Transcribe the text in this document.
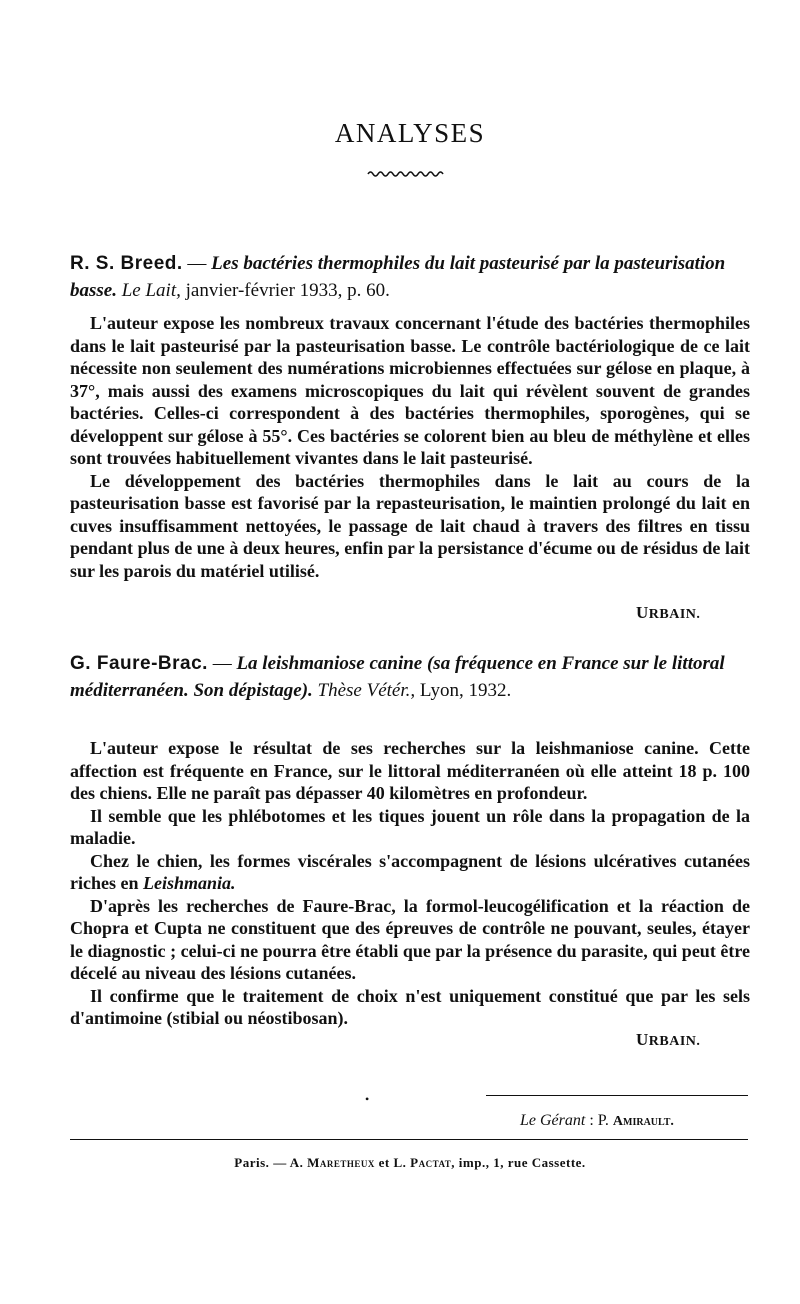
ANALYSES
R. S. Breed. — Les bactéries thermophiles du lait pasteurisé par la pasteurisation basse. Le Lait, janvier-février 1933, p. 60.

L'auteur expose les nombreux travaux concernant l'étude des bactéries thermophiles dans le lait pasteurisé par la pasteurisation basse. Le contrôle bactériologique de ce lait nécessite non seulement des numérations microbiennes effectuées sur gélose en plaque, à 37°, mais aussi des examens microscopiques du lait qui révèlent souvent de grandes bactéries. Celles-ci correspondent à des bactéries thermophiles, sporogènes, qui se développent sur gélose à 55°. Ces bactéries se colorent bien au bleu de méthylène et elles sont trouvées habituellement vivantes dans le lait pasteurisé.

Le développement des bactéries thermophiles dans le lait au cours de la pasteurisation basse est favorisé par la repasteurisation, le maintien prolongé du lait en cuves insuffisamment nettoyées, le passage de lait chaud à travers des filtres en tissu pendant plus de une à deux heures, enfin par la persistance d'écume ou de résidus de lait sur les parois du matériel utilisé.

URBAIN.
G. Faure-Brac. — La leishmaniose canine (sa fréquence en France sur le littoral méditerranéen. Son dépistage). Thèse Vétér., Lyon, 1932.

L'auteur expose le résultat de ses recherches sur la leishmaniose canine. Cette affection est fréquente en France, sur le littoral méditerranéen où elle atteint 18 p. 100 des chiens. Elle ne paraît pas dépasser 40 kilomètres en profondeur.

Il semble que les phlébotomes et les tiques jouent un rôle dans la propagation de la maladie.

Chez le chien, les formes viscérales s'accompagnent de lésions ulcératives cutanées riches en Leishmania.

D'après les recherches de Faure-Brac, la formol-leucogélification et la réaction de Chopra et Cupta ne constituent que des épreuves de contrôle ne pouvant, seules, étayer le diagnostic ; celui-ci ne pourra être établi que par la présence du parasite, qui peut être décelé au niveau des lésions cutanées.

Il confirme que le traitement de choix n'est uniquement constitué que par les sels d'antimoine (stibial ou néostibosan).

URBAIN.
•
Le Gérant : P. Amirault.
Paris. — A. Maretheux et L. Pactat, imp., 1, rue Cassette.
